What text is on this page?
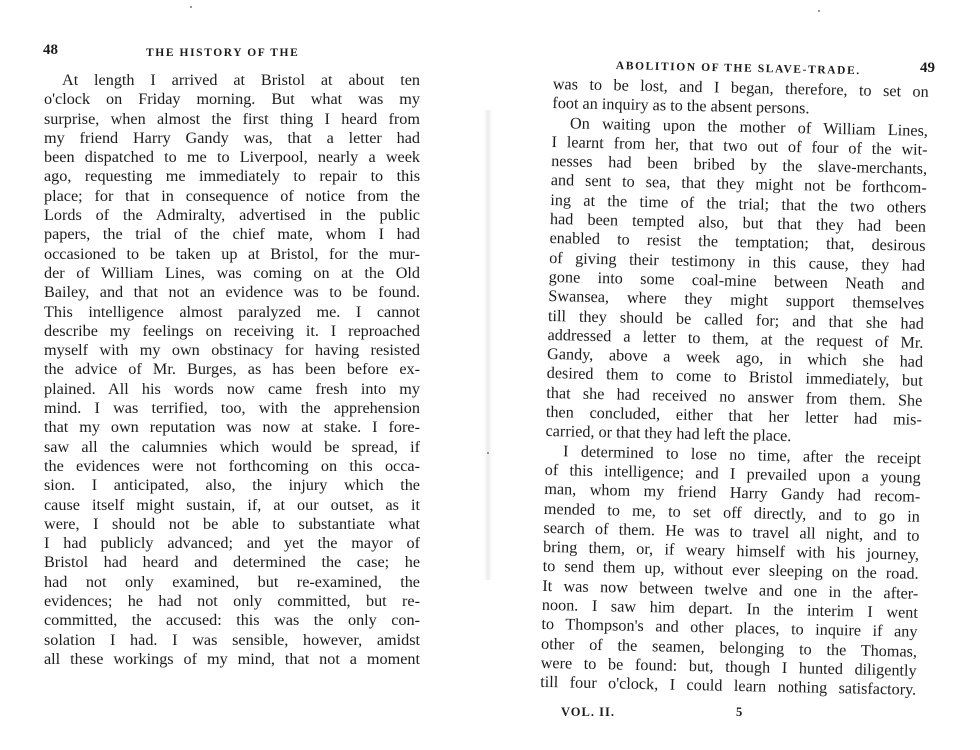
48	THE HISTORY OF THE
At length I arrived at Bristol at about ten
o'clock on Friday morning. But what was my
surprise, when almost the first thing I heard from
my friend Harry Gandy was, that a letter had
been dispatched to me to Liverpool, nearly a week
ago, requesting me immediately to repair to this
place; for that in consequence of notice from the
Lords of the Admiralty, advertised in the public
papers, the trial of the chief mate, whom I had
occasioned to be taken up at Bristol, for the mur-
der of William Lines, was coming on at the Old
Bailey, and that not an evidence was to be found.
This intelligence almost paralyzed me. I cannot
describe my feelings on receiving it. I reproached
myself with my own obstinacy for having resisted
the advice of Mr. Burges, as has been before ex-
plained. All his words now came fresh into my
mind. I was terrified, too, with the apprehension
that my own reputation was now at stake. I fore-
saw all the calumnies which would be spread, if
the evidences were not forthcoming on this occa-
sion. I anticipated, also, the injury which the
cause itself might sustain, if, at our outset, as it
were, I should not be able to substantiate what
I had publicly advanced; and yet the mayor of
Bristol had heard and determined the case; he
had not only examined, but re-examined, the
evidences; he had not only committed, but re-
committed, the accused: this was the only con-
solation I had. I was sensible, however, amidst
all these workings of my mind, that not a moment
ABOLITION OF THE SLAVE-TRADE.	49
was to be lost, and I began, therefore, to set on
foot an inquiry as to the absent persons.
On waiting upon the mother of William Lines,
I learnt from her, that two out of four of the wit-
nesses had been bribed by the slave-merchants,
and sent to sea, that they might not be forthcom-
ing at the time of the trial; that the two others
had been tempted also, but that they had been
enabled to resist the temptation; that, desirous
of giving their testimony in this cause, they had
gone into some coal-mine between Neath and
Swansea, where they might support themselves
till they should be called for; and that she had
addressed a letter to them, at the request of Mr.
Gandy, above a week ago, in which she had
desired them to come to Bristol immediately, but
that she had received no answer from them. She
then concluded, either that her letter had mis-
carried, or that they had left the place.
I determined to lose no time, after the receipt
of this intelligence; and I prevailed upon a young
man, whom my friend Harry Gandy had recom-
mended to me, to set off directly, and to go in
search of them. He was to travel all night, and to
bring them, or, if weary himself with his journey,
to send them up, without ever sleeping on the road.
It was now between twelve and one in the after-
noon. I saw him depart. In the interim I went
to Thompson's and other places, to inquire if any
other of the seamen, belonging to the Thomas,
were to be found: but, though I hunted diligently
till four o'clock, I could learn nothing satisfactory.
VOL. II.	5
